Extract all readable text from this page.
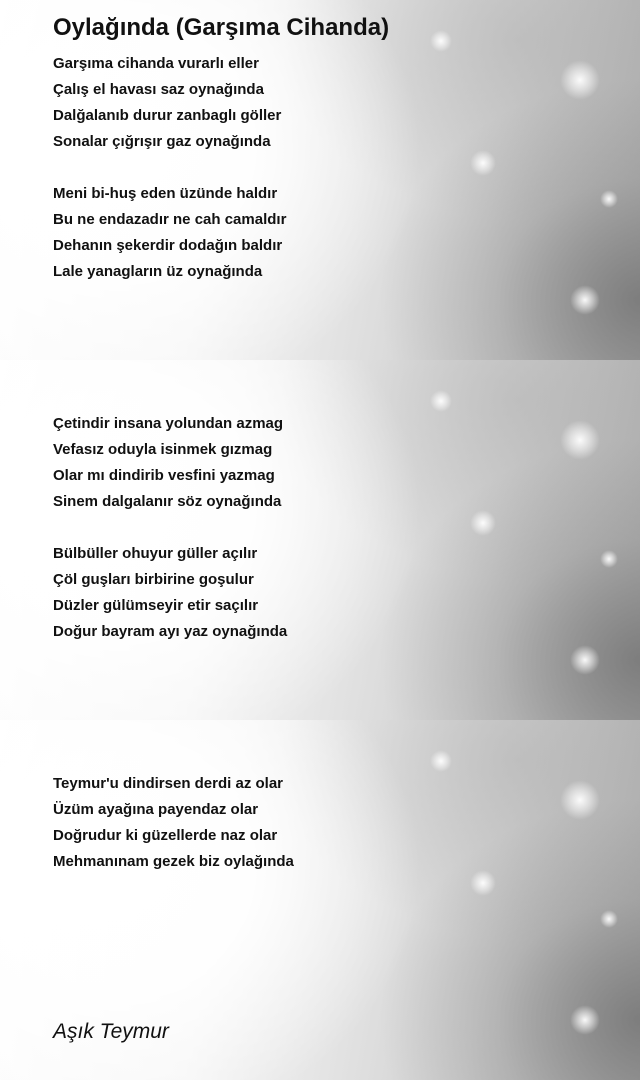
Oylağında (Garşıma Cihanda)
Garşıma cihanda vurarlı eller
Çalış el havası saz oynağında
Dalğalanıb durur zanbaglı göller
Sonalar çığrışır gaz oynağında
Meni bi-huş eden üzünde haldır
Bu ne endazadır ne cah camaldır
Dehanın şekerdir dodağın baldır
Lale yanagların üz oynağında
Çetindir insana yolundan azmag
Vefasız oduyla isinmek gızmag
Olar mı dindirib vesfini yazmag
Sinem dalgalanır söz oynağında
Bülbüller ohuyur güller açılır
Çöl guşları birbirine goşulur
Düzler gülümseyir etir saçılır
Doğur bayram ayı yaz oynağında
Teymur'u dindirsen derdi az olar
Üzüm ayağına payendaz olar
Doğrudur ki güzellerde naz olar
Mehmanınam gezek biz oylağında
Aşık Teymur
